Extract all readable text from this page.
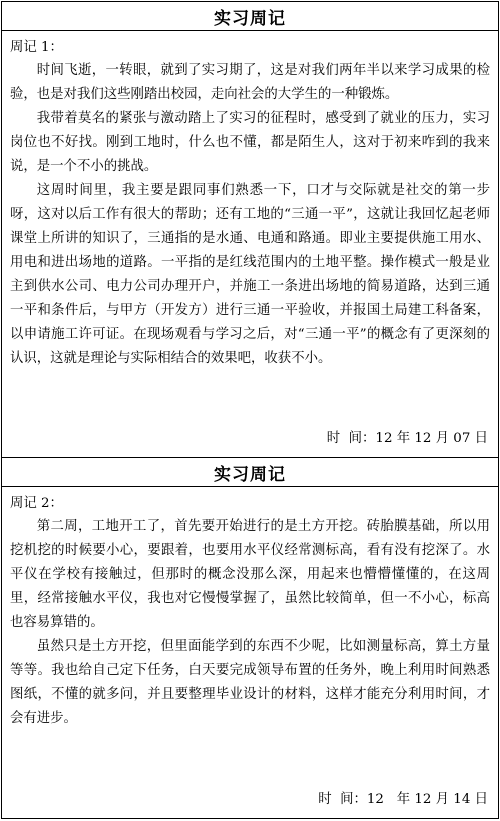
实习周记
周记 1：

时间飞逝，一转眼，就到了实习期了，这是对我们两年半以来学习成果的检验，也是对我们这些刚踏出校园，走向社会的大学生的一种锻炼。

我带着莫名的紧张与激动踏上了实习的征程时，感受到了就业的压力，实习岗位也不好找。刚到工地时，什么也不懂，都是陌生人，这对于初来咋到的我来说，是一个不小的挑战。

这周时间里，我主要是跟同事们熟悉一下，口才与交际就是社交的第一步呀，这对以后工作有很大的帮助；还有工地的“三通一平”，这就让我回忆起老师课堂上所讲的知识了，三通指的是水通、电通和路通。即业主要提供施工用水、用电和进出场地的道路。一平指的是红线范围内的土地平整。操作模式一般是业主到供水公司、电力公司办理开户，并施工一条进出场地的简易道路，达到三通一平和条件后，与甲方（开发方）进行三通一平验收，并报国土局建工科备案，以申请施工许可证。在现场观看与学习之后，对“三通一平”的概念有了更深刻的认识，这就是理论与实际相结合的效果吧，收获不小。

时  间：12 年 12 月 07 日
实习周记
周记 2：

第二周，工地开工了，首先要开始进行的是土方开挖。砖胎膜基础，所以用挖机挖的时候要小心，要跟着，也要用水平仪经常测标高，看有没有挖深了。水平仪在学校有接触过，但那时的概念没那么深，用起来也懵懵懂懂的，在这周里，经常接触水平仪，我也对它慢慢掌握了，虽然比较简单，但一不小心，标高也容易算错的。

虽然只是土方开挖，但里面能学到的东西不少呢，比如测量标高，算土方量等等。我也给自己定下任务，白天要完成领导布置的任务外，晚上利用时间熟悉图纸，不懂的就多问，并且要整理毕业设计的材料，这样才能充分利用时间，才会有进步。

时  间：12   年 12 月 14 日
